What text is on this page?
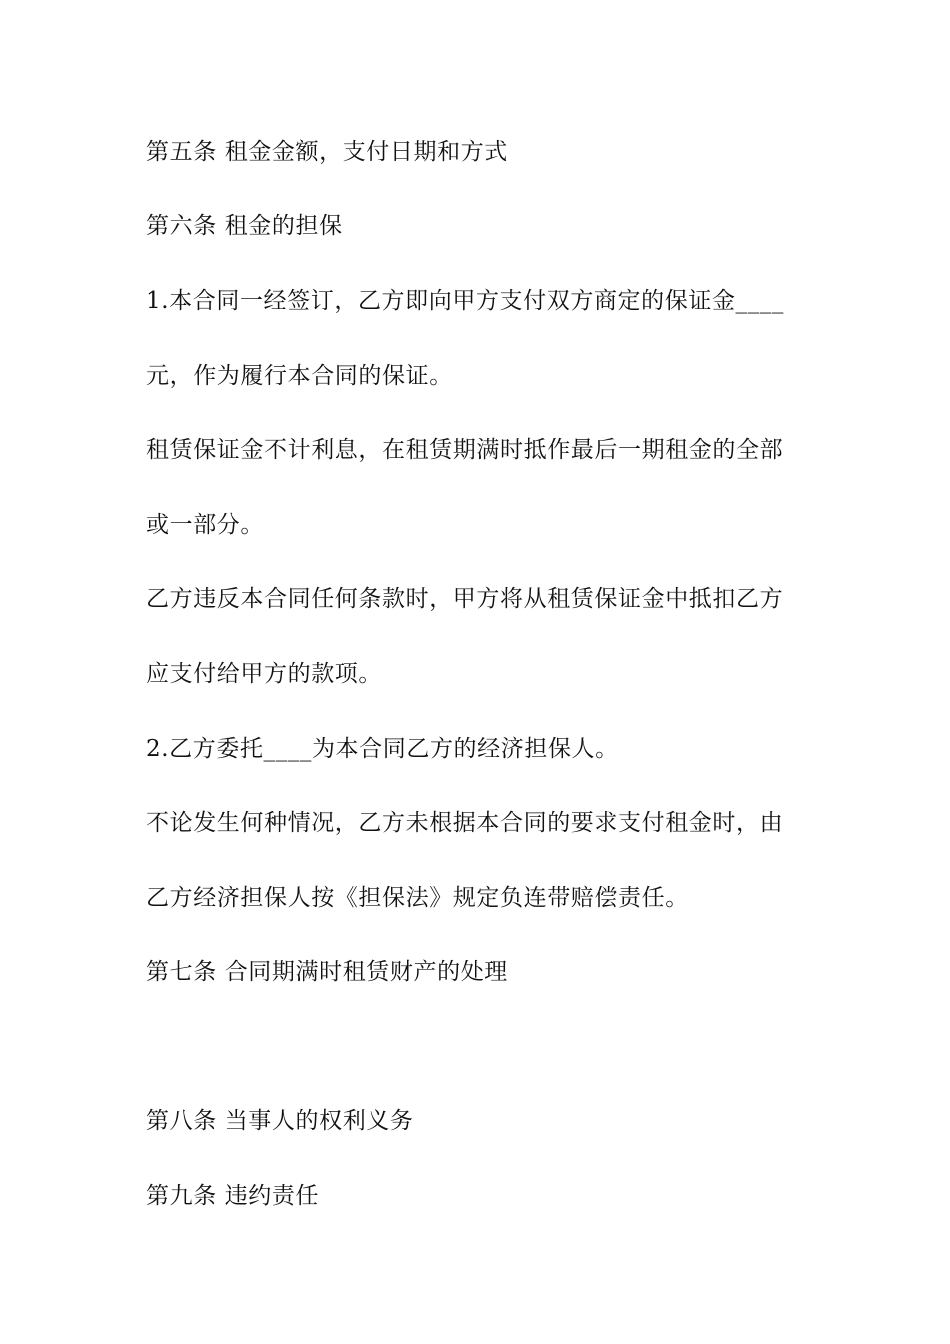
第五条 租金金额，支付日期和方式

第六条 租金的担保

1.本合同一经签订，乙方即向甲方支付双方商定的保证金____

元，作为履行本合同的保证。

租赁保证金不计利息，在租赁期满时抵作最后一期租金的全部

或一部分。

乙方违反本合同任何条款时，甲方将从租赁保证金中抵扣乙方

应支付给甲方的款项。

2.乙方委托____为本合同乙方的经济担保人。

不论发生何种情况，乙方未根据本合同的要求支付租金时，由

乙方经济担保人按《担保法》规定负连带赔偿责任。

第七条 合同期满时租赁财产的处理

第八条 当事人的权利义务

第九条 违约责任
